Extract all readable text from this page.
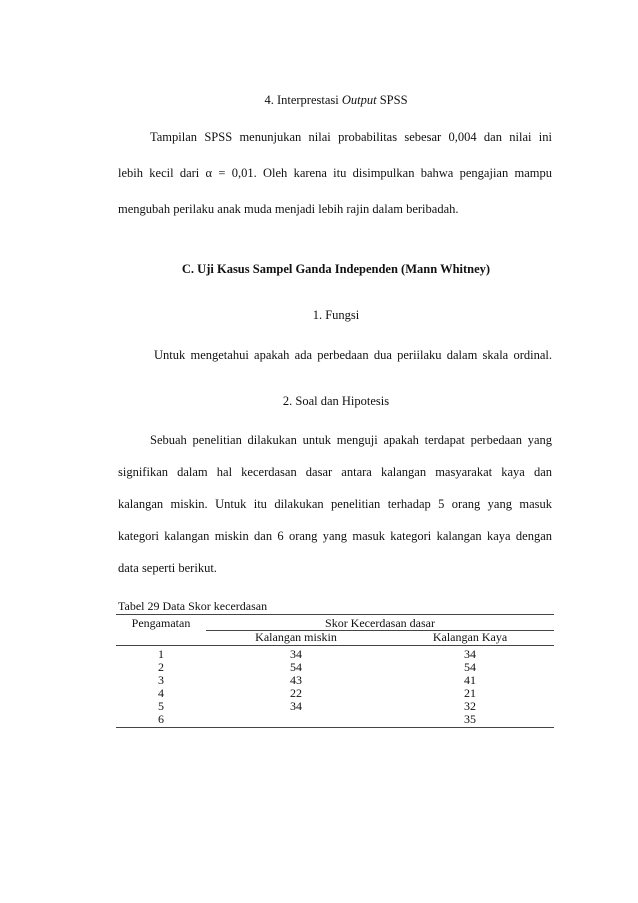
4. Interprestasi Output SPSS
Tampilan SPSS menunjukan nilai probabilitas sebesar 0,004 dan nilai ini
lebih kecil dari α = 0,01. Oleh karena itu disimpulkan bahwa pengajian mampu
mengubah perilaku anak muda menjadi lebih rajin dalam beribadah.
C. Uji Kasus Sampel Ganda Independen (Mann Whitney)
1. Fungsi
Untuk mengetahui apakah ada perbedaan dua periilaku dalam skala ordinal.
2. Soal dan Hipotesis
Sebuah penelitian dilakukan untuk menguji apakah terdapat perbedaan yang
signifikan dalam hal kecerdasan dasar antara kalangan masyarakat kaya dan
kalangan miskin. Untuk itu dilakukan penelitian terhadap 5 orang yang masuk
kategori kalangan miskin dan 6 orang yang masuk kategori kalangan kaya dengan
data seperti berikut.
Tabel 29 Data Skor kecerdasan
Pengamatan	Skor Kecerdasan dasar	
	Kalangan miskin	Kalangan Kaya
1	34	34
2	54	54
3	43	41
4	22	21
5	34	32
6		35
